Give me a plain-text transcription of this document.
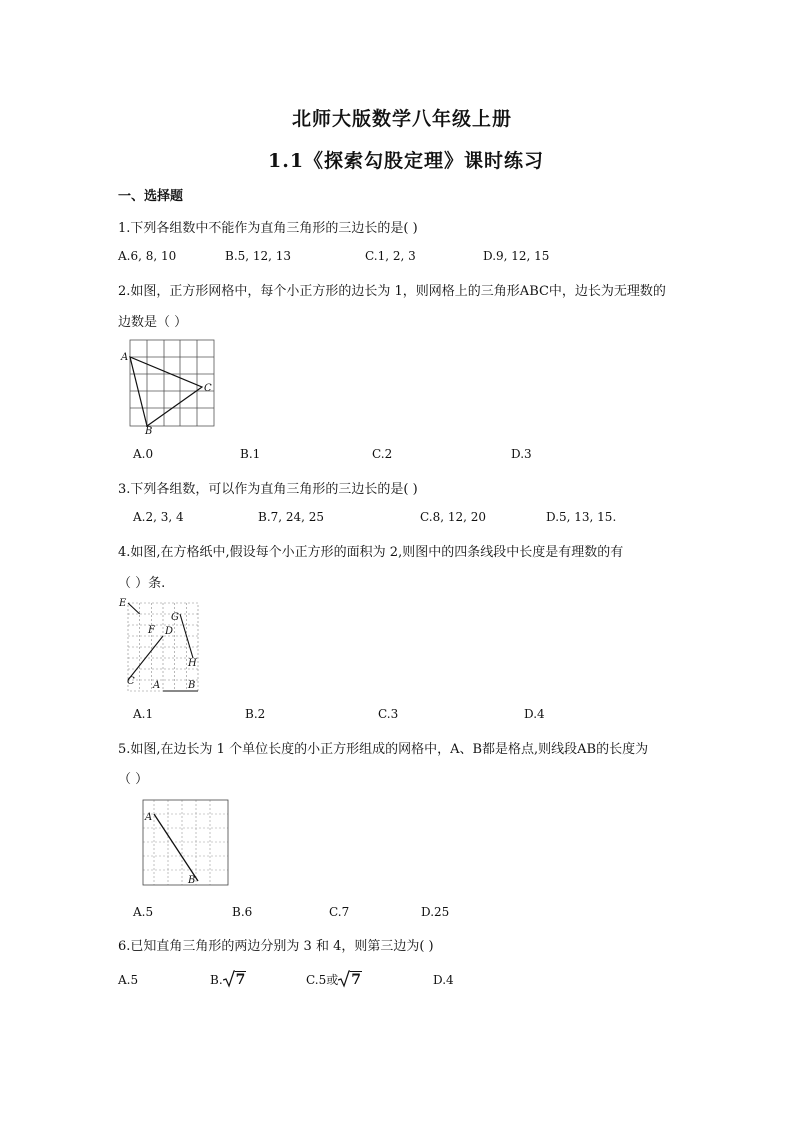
北师大版数学八年级上册
1.1《探索勾股定理》课时练习
一、选择题
1.下列各组数中不能作为直角三角形的三边长的是( )
A.6, 8, 10	B.5, 12, 13	C.1, 2, 3	D.9, 12, 15
2.如图，正方形网格中，每个小正方形的边长为 1，则网格上的三角形ABC中，边长为无理数的
边数是（ ）
A
B
C
A.0	B.1	C.2	D.3
3.下列各组数，可以作为直角三角形的三边长的是( )
A.2, 3, 4	B.7, 24, 25	C.8, 12, 20	D.5, 13, 15.
4.如图,在方格纸中,假设每个小正方形的面积为 2,则图中的四条线段中长度是有理数的有
（ ）条.
E
F
G
D
H
C A	B
A.1	B.2	C.3	D.4
5.如图,在边长为 1 个单位长度的小正方形组成的网格中，A、B都是格点,则线段AB的长度为
（ ）
A
B
A.5	B.6	C.7	D.25
6.已知直角三角形的两边分别为 3 和 4，则第三边为( )
A.5	B. 7	C.5或 7	D.4
